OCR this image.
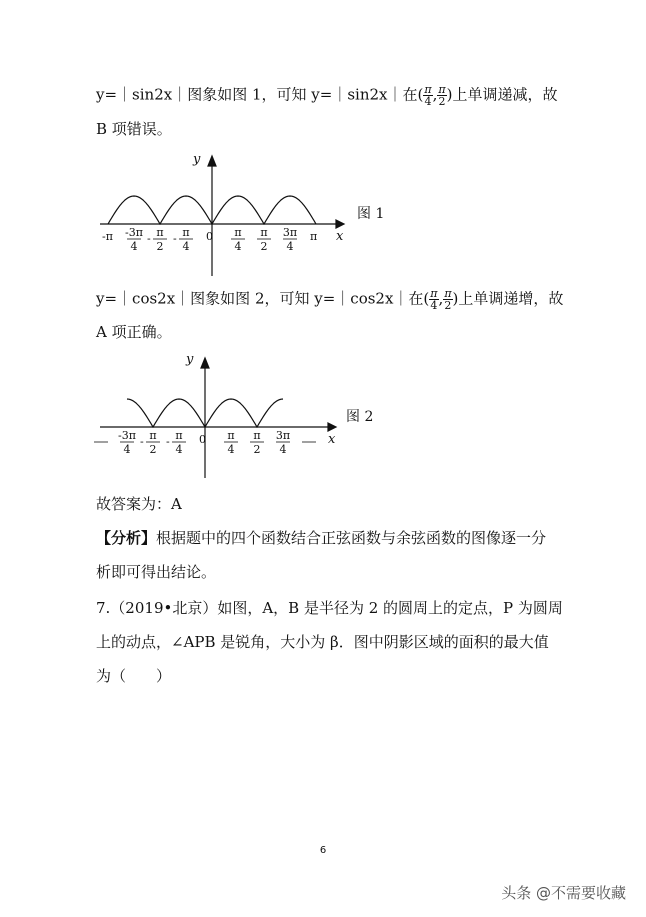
y=｜sin2x｜图象如图 1，可知 y=｜sin2x｜在( $\frac{\pi}{4}$ , $\frac{\pi}{2}$ )上单调递减，故
B 项错误。
y=｜cos2x｜图象如图 2，可知 y=｜cos2x｜在( $\frac{\pi}{4}$ , $\frac{\pi}{2}$ )上单调递增，故
A 项正确。
故答案为：A
【分析】根据题中的四个函数结合正弦函数与余弦函数的图像逐一分
析即可得出结论。
7.（2019•北京）如图，A，B 是半径为 2 的圆周上的定点，P 为圆周
上的动点，∠APB 是锐角，大小为 β．图中阴影区域的面积的最大值
为（　　）
y
x
-π -3π
4
- π
2
- π
4
0 π
4
π
2
3π
4
π
图 1
y
x
-3π
4
- π
2
- π
4
0 π
4
π
2
3π
4
图 2
6
头条 @不需要收藏
